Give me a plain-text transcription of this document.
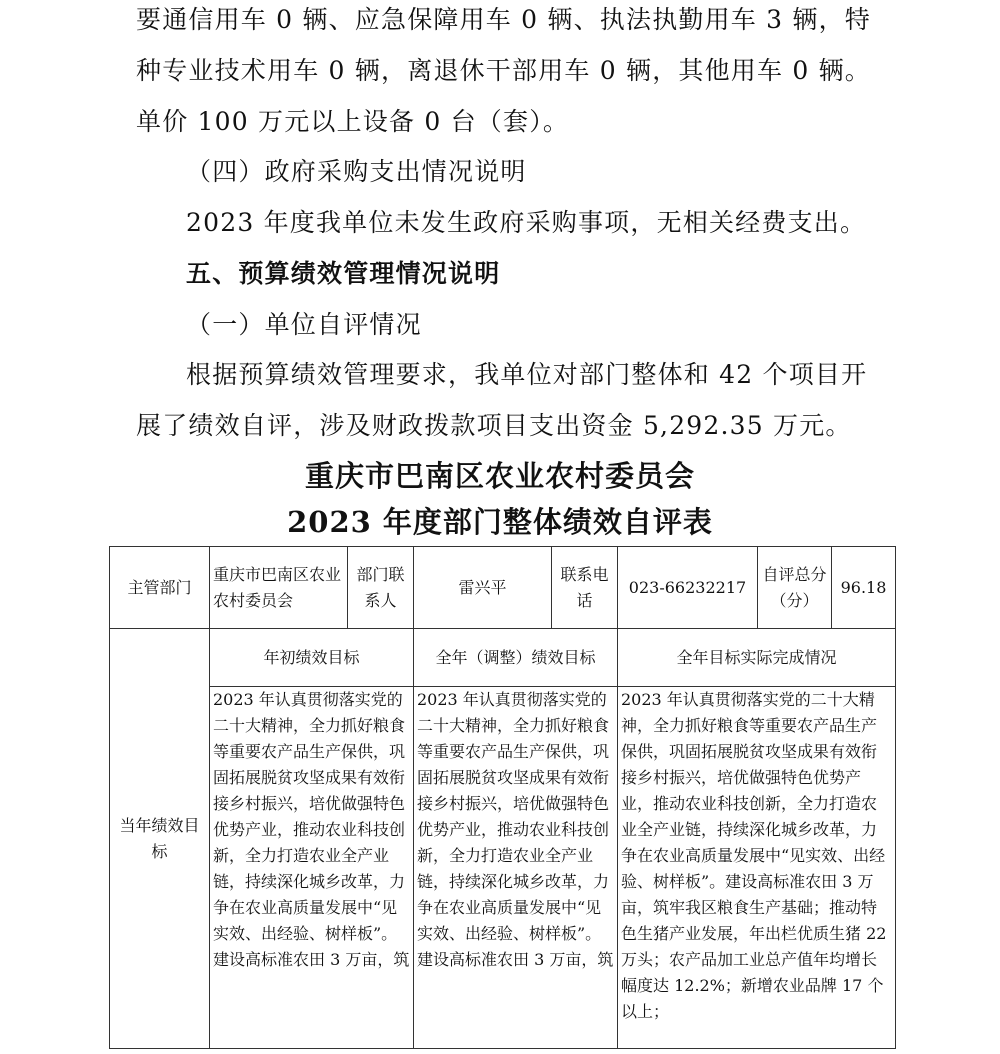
要通信用车 0 辆、应急保障用车 0 辆、执法执勤用车 3 辆，特
种专业技术用车 0 辆，离退休干部用车 0 辆，其他用车 0 辆。
单价 100 万元以上设备 0 台（套）。
（四）政府采购支出情况说明
2023 年度我单位未发生政府采购事项，无相关经费支出。
五、预算绩效管理情况说明
（一）单位自评情况
根据预算绩效管理要求，我单位对部门整体和 42 个项目开
展了绩效自评，涉及财政拨款项目支出资金 5,292.35 万元。
重庆市巴南区农业农村委员会
2023 年度部门整体绩效自评表
主管部门	重庆市巴南区农业农村委员会	部门联系人	雷兴平	联系电话	023-66232217	自评总分（分）	96.18
当年绩效目标	年初绩效目标		全年（调整）绩效目标		全年目标实际完成情况		

	2023 年认真贯彻落实党的二十大精神，全力抓好粮食等重要农产品生产保供，巩固拓展脱贫攻坚成果有效衔接乡村振兴，培优做强特色优势产业，推动农业科技创新，全力打造农业全产业链，持续深化城乡改革，力争在农业高质量发展中“见实效、出经验、树样板”。建设高标准农田 3 万亩，筑		2023 年认真贯彻落实党的二十大精神，全力抓好粮食等重要农产品生产保供，巩固拓展脱贫攻坚成果有效衔接乡村振兴，培优做强特色优势产业，推动农业科技创新，全力打造农业全产业链，持续深化城乡改革，力争在农业高质量发展中“见实效、出经验、树样板”。建设高标准农田 3 万亩，筑		2023 年认真贯彻落实党的二十大精神，全力抓好粮食等重要农产品生产保供，巩固拓展脱贫攻坚成果有效衔接乡村振兴，培优做强特色优势产业，推动农业科技创新，全力打造农业全产业链，持续深化城乡改革，力争在农业高质量发展中“见实效、出经验、树样板”。建设高标准农田 3 万亩，筑牢我区粮食生产基础；推动特色生猪产业发展，年出栏优质生猪 22 万头；农产品加工业总产值年均增长幅度达 12.2%；新增农业品牌 17 个以上；		
